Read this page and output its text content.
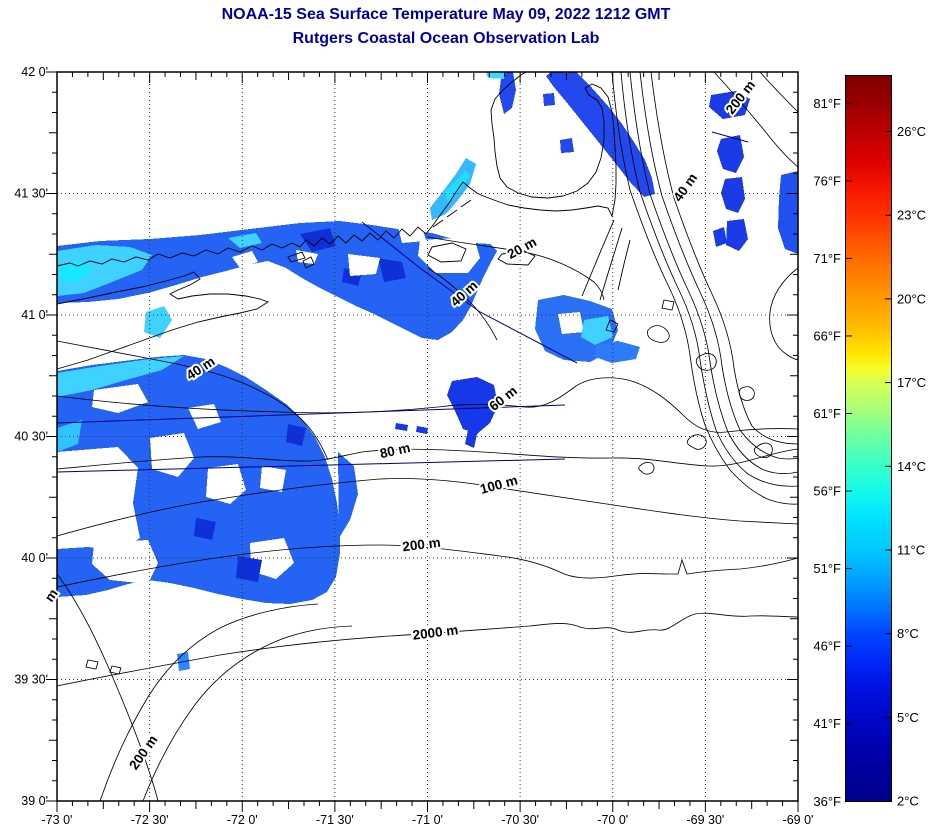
NOAA-15 Sea Surface Temperature May 09, 2022 1212 GMT
Rutgers Coastal Ocean Observation Lab
-73 0'	-72 30'	-72 0'	-71 30'	-71 0'	-70 30'	-70 0'	-69 30'	-69 0'
42 0'
41 30'
41 0'
40 30'
40 0'
39 30'
39 0'
81°F
76°F
71°F
66°F
61°F
56°F
51°F
46°F
41°F
36°F
26°C
23°C
20°C
17°C
14°C
11°C
8°C
5°C
2°C
200 m
40 m
20 m
40 m
40 m
60 m
80 m
100 m
200 m
2000 m
200 m
m
